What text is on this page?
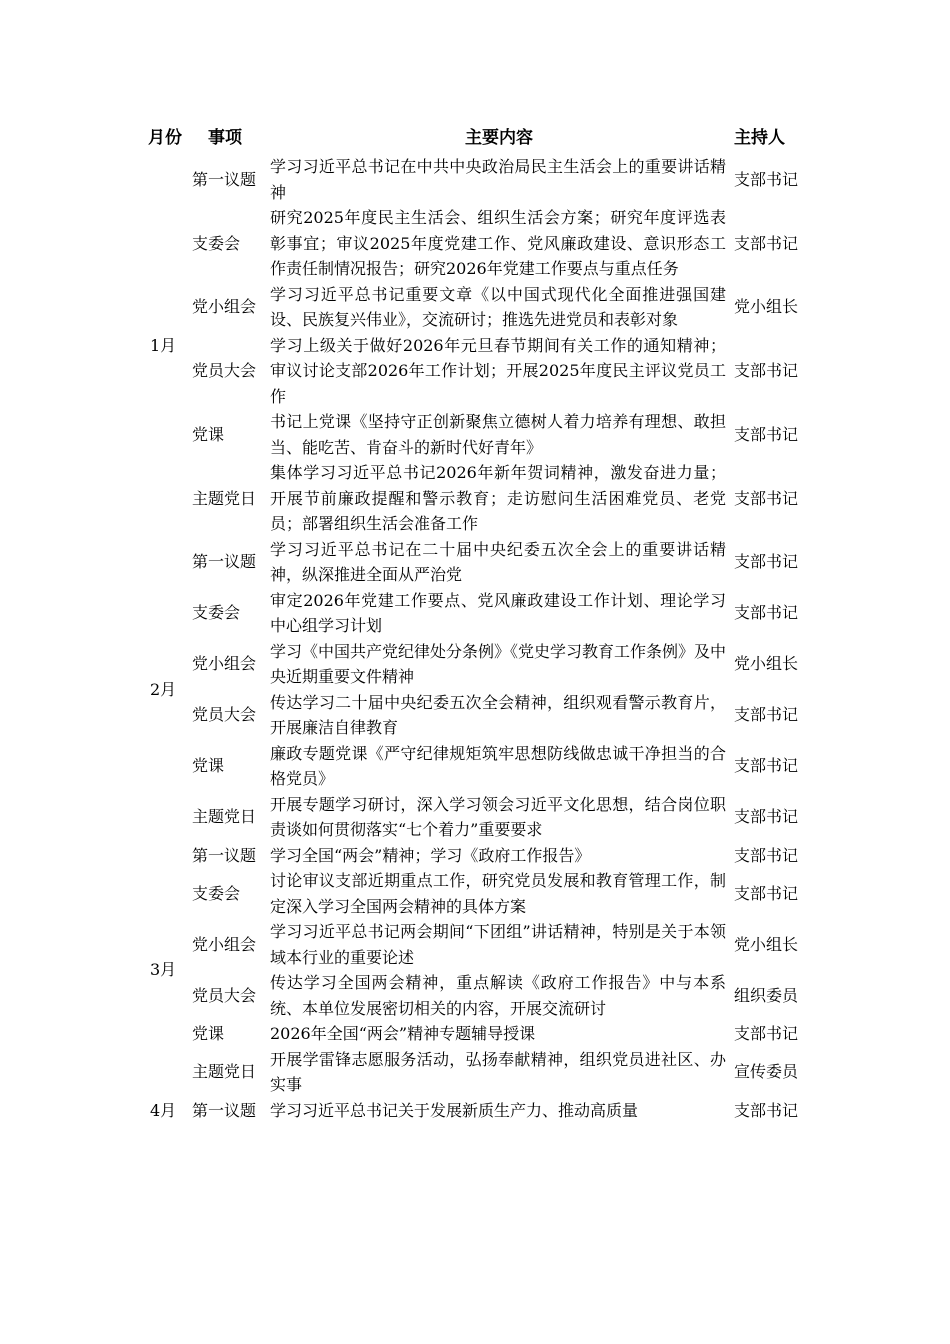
月份	事项	主要内容	主持人
1月	第一议题	学习习近平总书记在中共中央政治局民主生活会上的重要讲话精神	支部书记
	支委会	研究2025年度民主生活会、组织生活会方案；研究年度评选表彰事宜；审议2025年度党建工作、党风廉政建设、意识形态工作责任制情况报告；研究2026年党建工作要点与重点任务	支部书记
	党小组会	学习习近平总书记重要文章《以中国式现代化全面推进强国建设、民族复兴伟业》，交流研讨；推选先进党员和表彰对象	党小组长
	党员大会	学习上级关于做好2026年元旦春节期间有关工作的通知精神；审议讨论支部2026年工作计划；开展2025年度民主评议党员工作	支部书记
	党课	书记上党课《坚持守正创新聚焦立德树人着力培养有理想、敢担当、能吃苦、肯奋斗的新时代好青年》	支部书记
	主题党日	集体学习习近平总书记2026年新年贺词精神，激发奋进力量；开展节前廉政提醒和警示教育；走访慰问生活困难党员、老党员；部署组织生活会准备工作	支部书记
2月	第一议题	学习习近平总书记在二十届中央纪委五次全会上的重要讲话精神，纵深推进全面从严治党	支部书记
	支委会	审定2026年党建工作要点、党风廉政建设工作计划、理论学习中心组学习计划	支部书记
	党小组会	学习《中国共产党纪律处分条例》《党史学习教育工作条例》及中央近期重要文件精神	党小组长
	党员大会	传达学习二十届中央纪委五次全会精神，组织观看警示教育片，开展廉洁自律教育	支部书记
	党课	廉政专题党课《严守纪律规矩筑牢思想防线做忠诚干净担当的合格党员》	支部书记
	主题党日	开展专题学习研讨，深入学习领会习近平文化思想，结合岗位职责谈如何贯彻落实“七个着力”重要要求	支部书记
3月	第一议题	学习全国“两会”精神；学习《政府工作报告》	支部书记
	支委会	讨论审议支部近期重点工作，研究党员发展和教育管理工作，制定深入学习全国两会精神的具体方案	支部书记
	党小组会	学习习近平总书记两会期间“下团组”讲话精神，特别是关于本领域本行业的重要论述	党小组长
	党员大会	传达学习全国两会精神，重点解读《政府工作报告》中与本系统、本单位发展密切相关的内容，开展交流研讨	组织委员
	党课	2026年全国“两会”精神专题辅导授课	支部书记
	主题党日	开展学雷锋志愿服务活动，弘扬奉献精神，组织党员进社区、办实事	宣传委员
4月	第一议题	学习习近平总书记关于发展新质生产力、推动高质量	支部书记
